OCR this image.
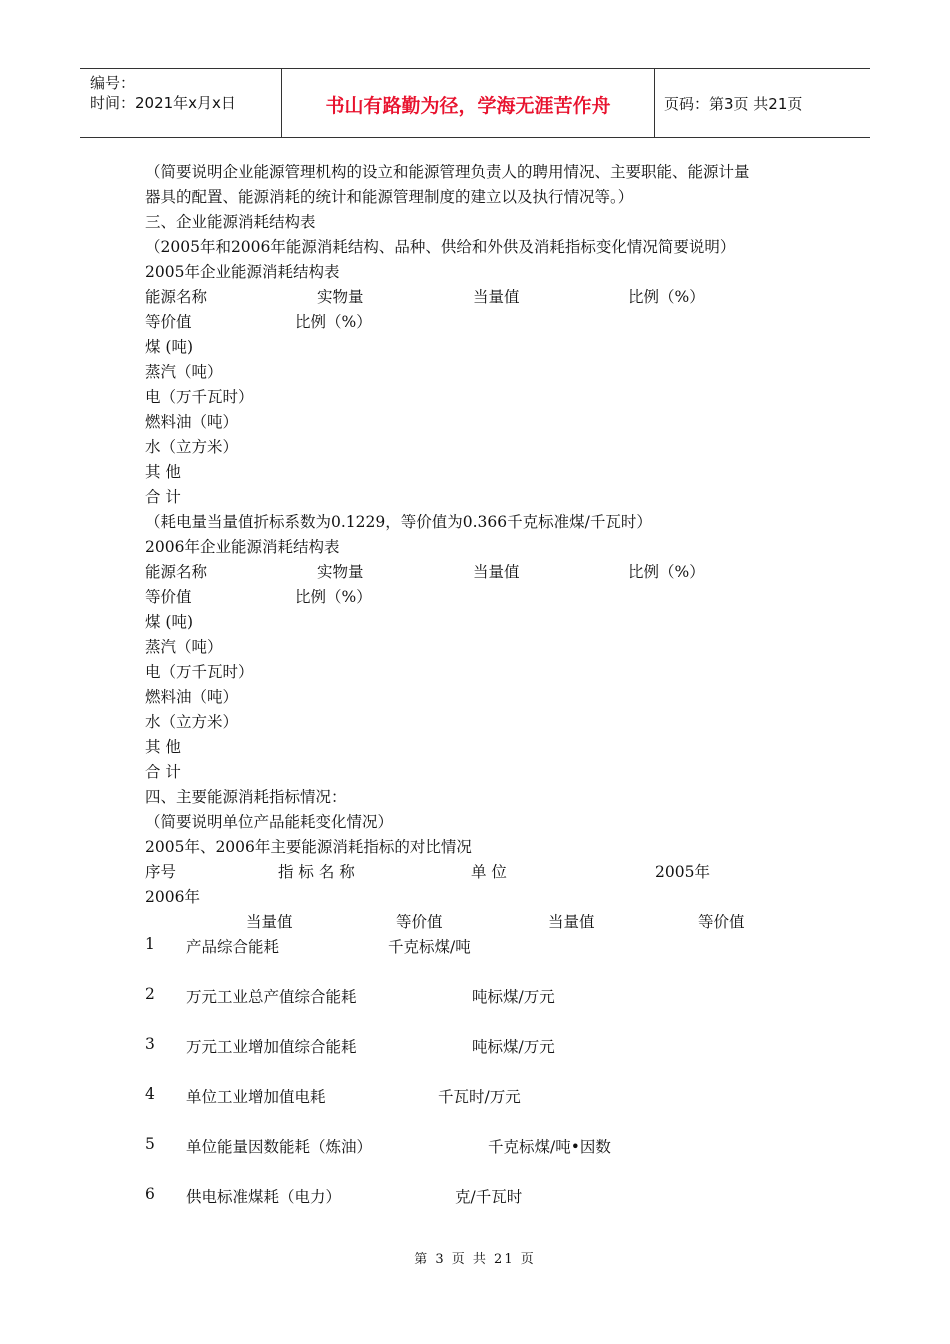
编号：
时间：2021年x月x日	书山有路勤为径，学海无涯苦作舟	页码：第3页 共21页
（简要说明企业能源管理机构的设立和能源管理负责人的聘用情况、主要职能、能源计量
器具的配置、能源消耗的统计和能源管理制度的建立以及执行情况等。）
三、企业能源消耗结构表
（2005年和2006年能源消耗结构、品种、供给和外供及消耗指标变化情况简要说明）
2005年企业能源消耗结构表
能源名称	实物量	当量值	比例（%）
等价值	比例（%）
煤 (吨)
蒸汽（吨）
电（万千瓦时）
燃料油（吨）
水（立方米）
其 他
合 计
（耗电量当量值折标系数为0.1229，等价值为0.366千克标准煤/千瓦时）
2006年企业能源消耗结构表
能源名称	实物量	当量值	比例（%）
等价值	比例（%）
煤 (吨)
蒸汽（吨）
电（万千瓦时）
燃料油（吨）
水（立方米）
其 他
合 计
四、主要能源消耗指标情况：
（简要说明单位产品能耗变化情况）
2005年、2006年主要能源消耗指标的对比情况
序号	指 标 名 称	单 位	2005年
2006年
当量值	等价值	当量值	等价值
1 产品综合能耗	千克标煤/吨
2 万元工业总产值综合能耗	吨标煤/万元
3 万元工业增加值综合能耗	吨标煤/万元
4 单位工业增加值电耗	千瓦时/万元
5 单位能量因数能耗（炼油）	千克标煤/吨•因数
6 供电标准煤耗（电力）	克/千瓦时
第 3 页 共 21 页
